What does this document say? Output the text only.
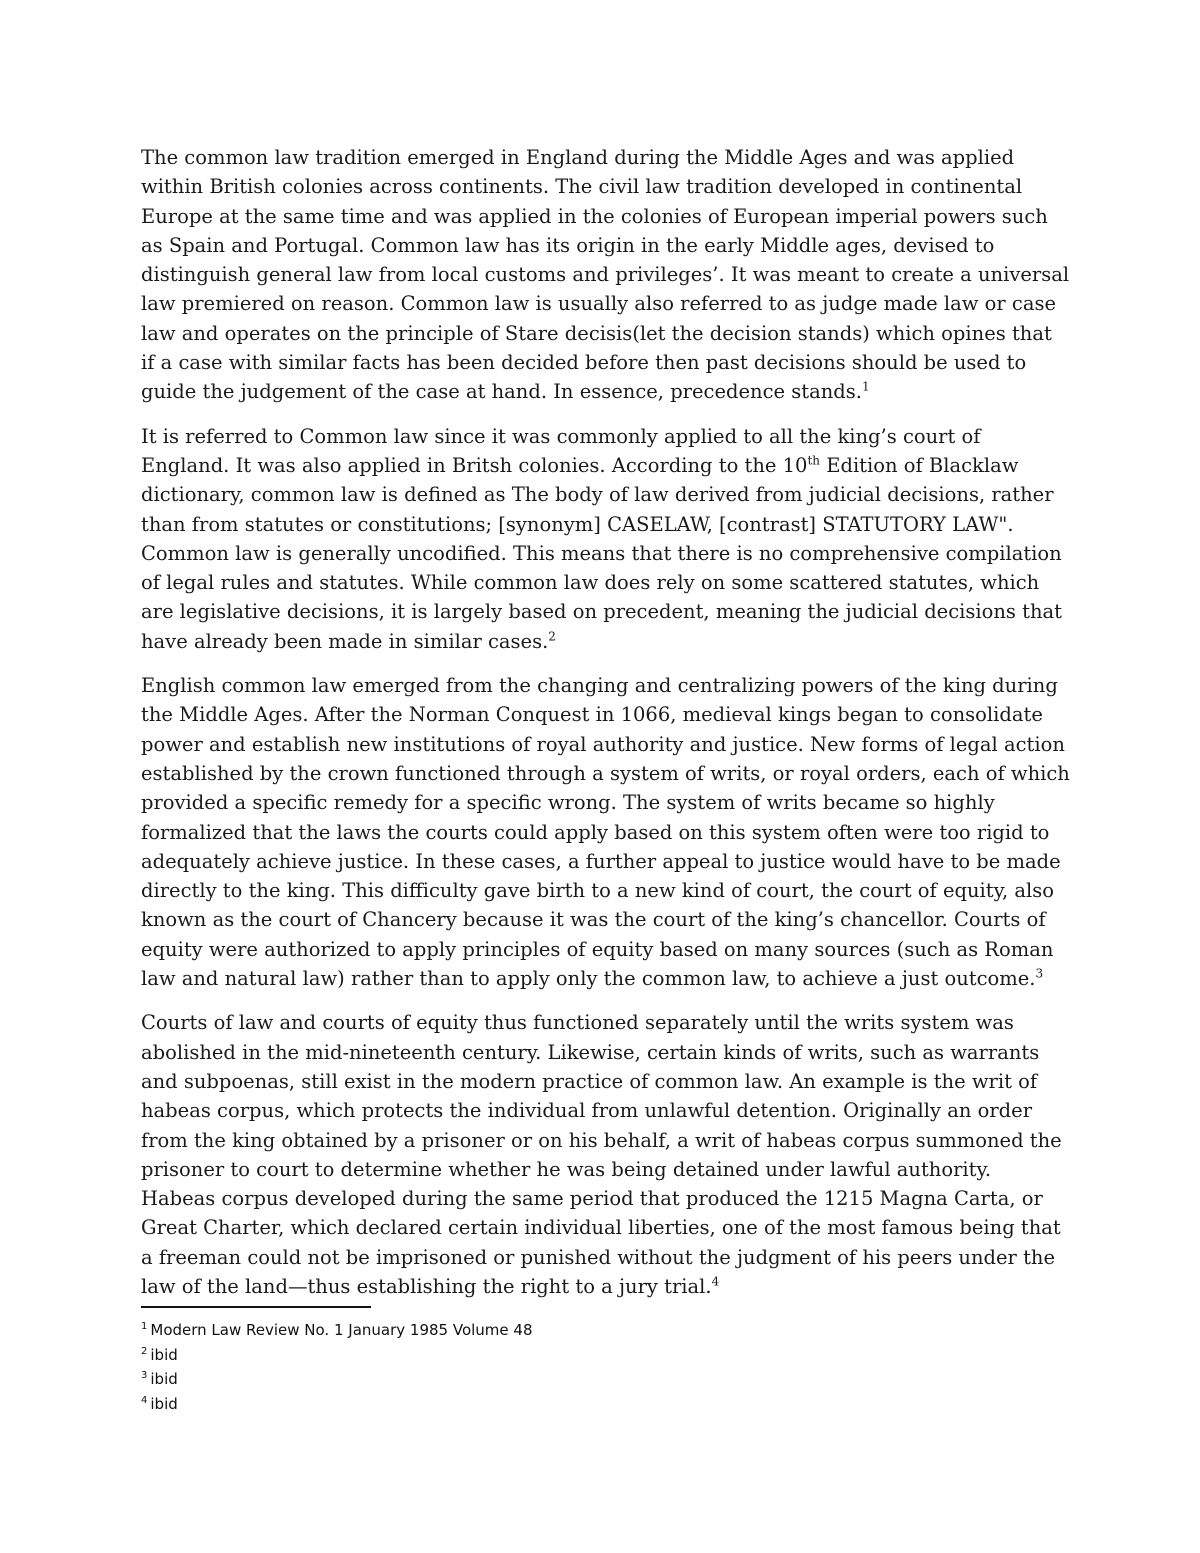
The common law tradition emerged in England during the Middle Ages and was applied within British colonies across continents. The civil law tradition developed in continental Europe at the same time and was applied in the colonies of European imperial powers such as Spain and Portugal. Common law has its origin in the early Middle ages, devised to distinguish general law from local customs and privileges’. It was meant to create a universal law premiered on reason. Common law is usually also referred to as judge made law or case law and operates on the principle of Stare decisis(let the decision stands) which opines that if a case with similar facts has been decided before then past decisions should be used to guide the judgement of the case at hand. In essence, precedence stands.$^1$

It is referred to Common law since it was commonly applied to all the king’s court of England. It was also applied in Britsh colonies. According to the 10th Edition of Blacklaw dictionary, common law is defined as The body of law derived from judicial decisions, rather than from statutes or constitutions; [synonym] CASELAW, [contrast] STATUTORY LAW". Common law is generally uncodified. This means that there is no comprehensive compilation of legal rules and statutes. While common law does rely on some scattered statutes, which are legislative decisions, it is largely based on precedent, meaning the judicial decisions that have already been made in similar cases.$^2$

English common law emerged from the changing and centralizing powers of the king during the Middle Ages. After the Norman Conquest in 1066, medieval kings began to consolidate power and establish new institutions of royal authority and justice. New forms of legal action established by the crown functioned through a system of writs, or royal orders, each of which provided a specific remedy for a specific wrong. The system of writs became so highly formalized that the laws the courts could apply based on this system often were too rigid to adequately achieve justice. In these cases, a further appeal to justice would have to be made directly to the king. This difficulty gave birth to a new kind of court, the court of equity, also known as the court of Chancery because it was the court of the king’s chancellor. Courts of equity were authorized to apply principles of equity based on many sources (such as Roman law and natural law) rather than to apply only the common law, to achieve a just outcome.$^3$

Courts of law and courts of equity thus functioned separately until the writs system was abolished in the mid-nineteenth century. Likewise, certain kinds of writs, such as warrants and subpoenas, still exist in the modern practice of common law. An example is the writ of habeas corpus, which protects the individual from unlawful detention. Originally an order from the king obtained by a prisoner or on his behalf, a writ of habeas corpus summoned the prisoner to court to determine whether he was being detained under lawful authority. Habeas corpus developed during the same period that produced the 1215 Magna Carta, or Great Charter, which declared certain individual liberties, one of the most famous being that a freeman could not be imprisoned or punished without the judgment of his peers under the law of the land—thus establishing the right to a jury trial.$^4$

$^1$ Modern Law Review No. 1 January 1985 Volume 48

$^2$ ibid

$^3$ ibid

$^4$ ibid
